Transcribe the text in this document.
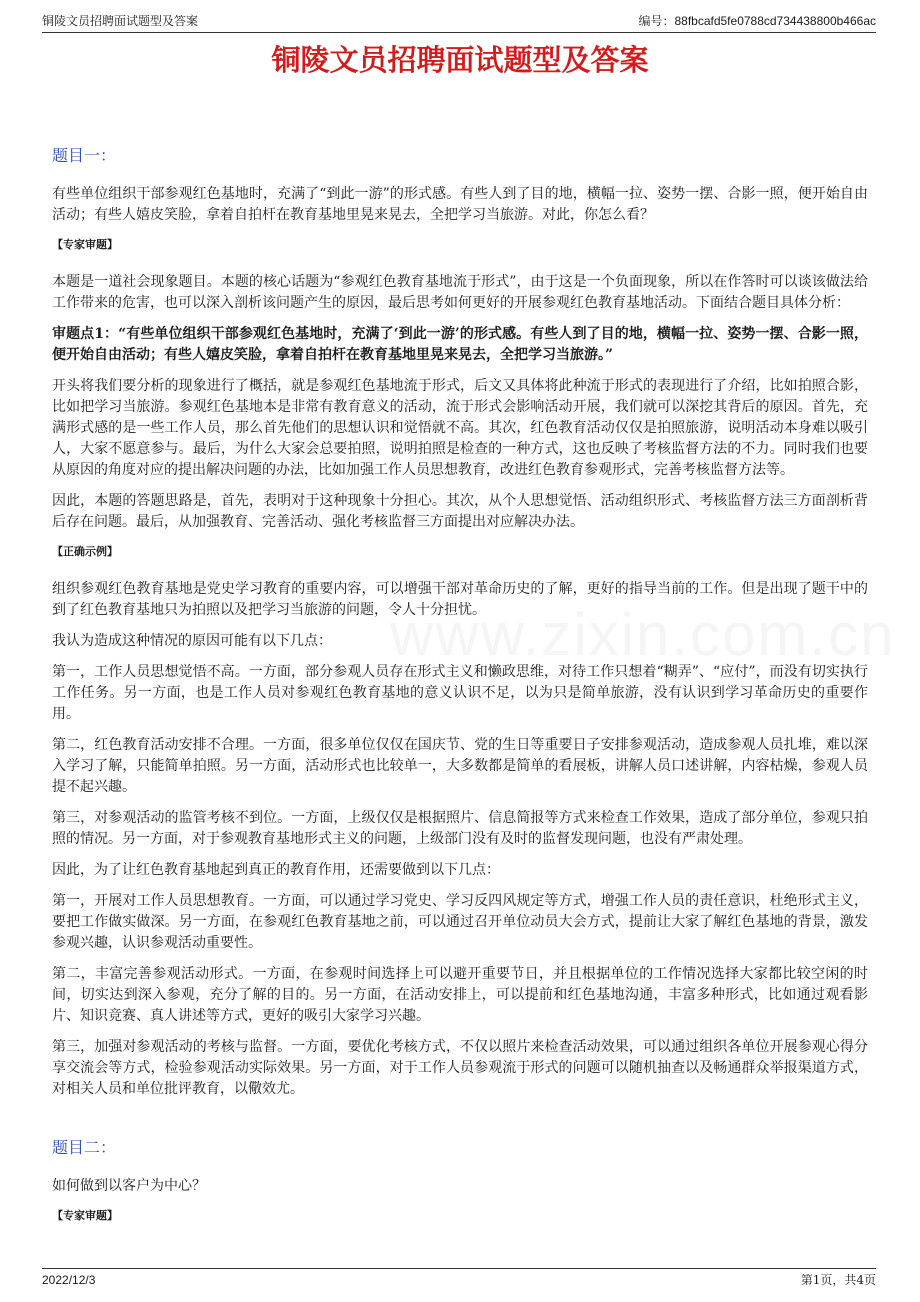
铜陵文员招聘面试题型及答案	编号：88fbcafd5fe0788cd734438800b466ac
铜陵文员招聘面试题型及答案
www.zixin.com.cn
题目一：

有些单位组织干部参观红色基地时，充满了“到此一游”的形式感。有些人到了目的地，横幅一拉、姿势一摆、合影一照，便开始自由活动；有些人嬉皮笑脸，拿着自拍杆在教育基地里晃来晃去，全把学习当旅游。对此，你怎么看？

【专家审题】

本题是一道社会现象题目。本题的核心话题为“参观红色教育基地流于形式”，由于这是一个负面现象，所以在作答时可以谈该做法给工作带来的危害，也可以深入剖析该问题产生的原因，最后思考如何更好的开展参观红色教育基地活动。下面结合题目具体分析：

审题点1：“有些单位组织干部参观红色基地时，充满了‘到此一游’的形式感。有些人到了目的地，横幅一拉、姿势一摆、合影一照，便开始自由活动；有些人嬉皮笑脸，拿着自拍杆在教育基地里晃来晃去，全把学习当旅游。”

开头将我们要分析的现象进行了概括，就是参观红色基地流于形式，后文又具体将此种流于形式的表现进行了介绍，比如拍照合影，比如把学习当旅游。参观红色基地本是非常有教育意义的活动，流于形式会影响活动开展，我们就可以深挖其背后的原因。首先，充满形式感的是一些工作人员，那么首先他们的思想认识和觉悟就不高。其次，红色教育活动仅仅是拍照旅游，说明活动本身难以吸引人，大家不愿意参与。最后，为什么大家会总要拍照，说明拍照是检查的一种方式，这也反映了考核监督方法的不力。同时我们也要从原因的角度对应的提出解决问题的办法，比如加强工作人员思想教育，改进红色教育参观形式，完善考核监督方法等。

因此，本题的答题思路是，首先，表明对于这种现象十分担心。其次，从个人思想觉悟、活动组织形式、考核监督方法三方面剖析背后存在问题。最后，从加强教育、完善活动、强化考核监督三方面提出对应解决办法。

【正确示例】

组织参观红色教育基地是党史学习教育的重要内容，可以增强干部对革命历史的了解，更好的指导当前的工作。但是出现了题干中的到了红色教育基地只为拍照以及把学习当旅游的问题，令人十分担忧。

我认为造成这种情况的原因可能有以下几点：

第一，工作人员思想觉悟不高。一方面，部分参观人员存在形式主义和懒政思维，对待工作只想着“糊弄”、“应付”，而没有切实执行工作任务。另一方面，也是工作人员对参观红色教育基地的意义认识不足，以为只是简单旅游，没有认识到学习革命历史的重要作用。

第二，红色教育活动安排不合理。一方面，很多单位仅仅在国庆节、党的生日等重要日子安排参观活动，造成参观人员扎堆，难以深入学习了解，只能简单拍照。另一方面，活动形式也比较单一，大多数都是简单的看展板，讲解人员口述讲解，内容枯燥，参观人员提不起兴趣。

第三，对参观活动的监管考核不到位。一方面，上级仅仅是根据照片、信息简报等方式来检查工作效果，造成了部分单位，参观只拍照的情况。另一方面，对于参观教育基地形式主义的问题，上级部门没有及时的监督发现问题，也没有严肃处理。

因此，为了让红色教育基地起到真正的教育作用，还需要做到以下几点：

第一，开展对工作人员思想教育。一方面，可以通过学习党史、学习反四风规定等方式，增强工作人员的责任意识，杜绝形式主义，要把工作做实做深。另一方面，在参观红色教育基地之前，可以通过召开单位动员大会方式，提前让大家了解红色基地的背景，激发参观兴趣，认识参观活动重要性。

第二，丰富完善参观活动形式。一方面，在参观时间选择上可以避开重要节日，并且根据单位的工作情况选择大家都比较空闲的时间，切实达到深入参观，充分了解的目的。另一方面，在活动安排上，可以提前和红色基地沟通，丰富多种形式，比如通过观看影片、知识竞赛、真人讲述等方式，更好的吸引大家学习兴趣。

第三，加强对参观活动的考核与监督。一方面，要优化考核方式，不仅以照片来检查活动效果，可以通过组织各单位开展参观心得分享交流会等方式，检验参观活动实际效果。另一方面，对于工作人员参观流于形式的问题可以随机抽查以及畅通群众举报渠道方式，对相关人员和单位批评教育，以儆效尤。

题目二：

如何做到以客户为中心？

【专家审题】
2022/12/3	第1页，共4页
